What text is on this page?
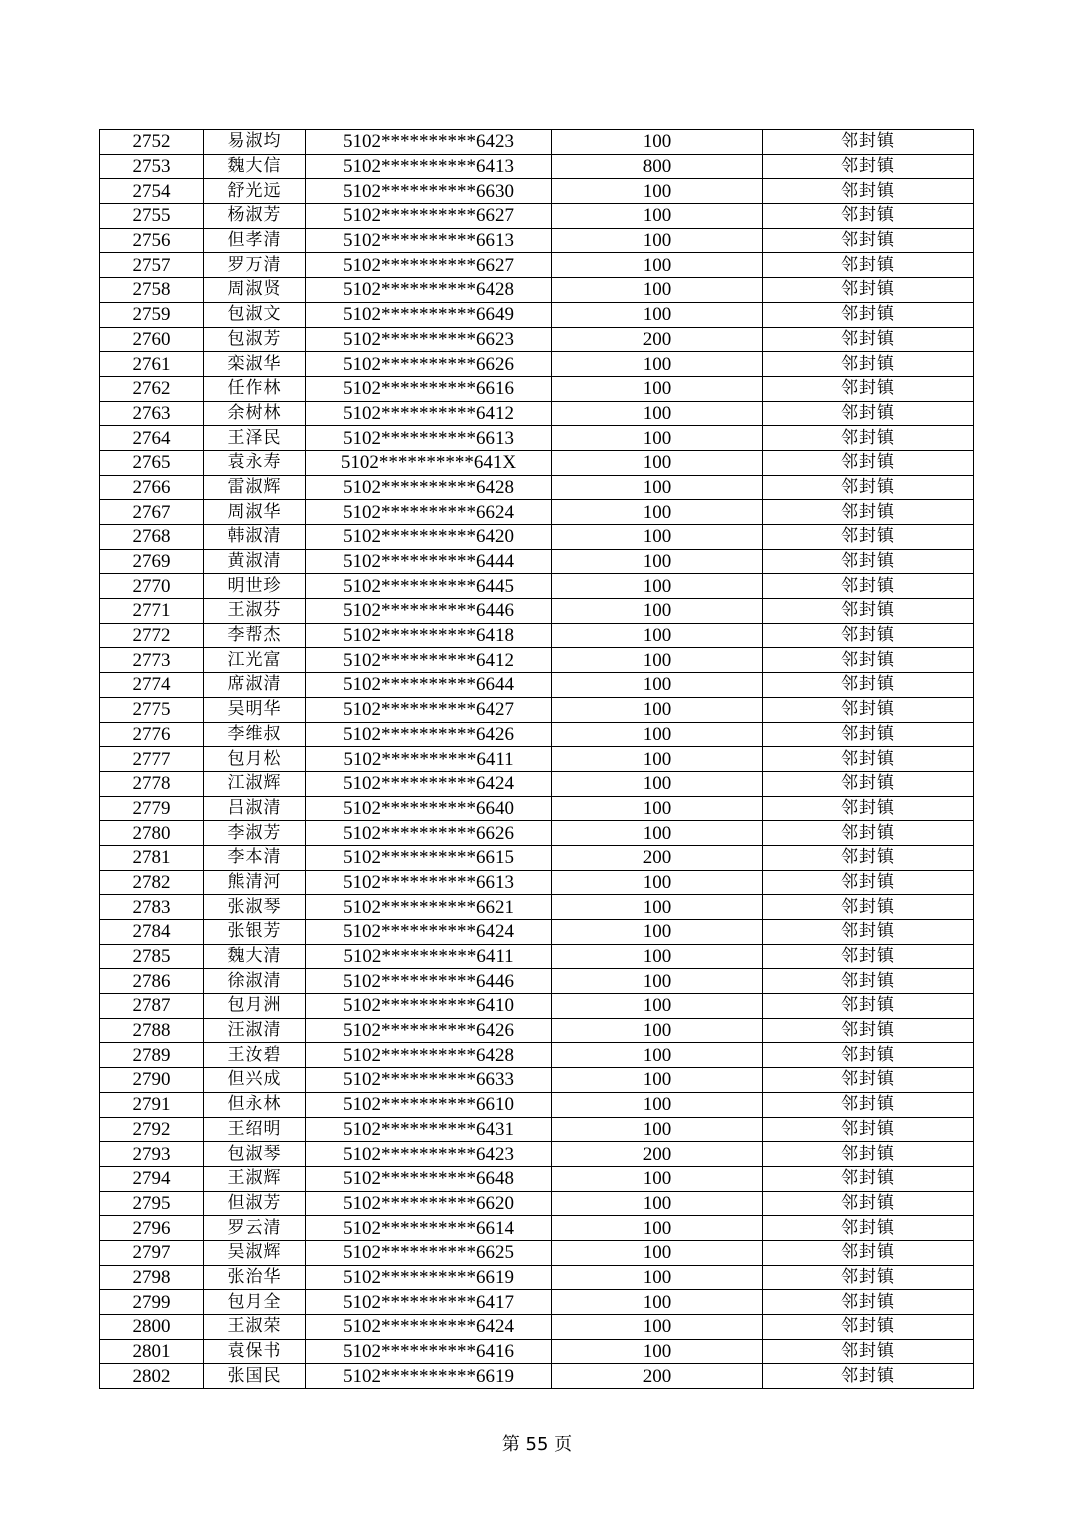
2752	易淑均	5102**********6423	100	邻封镇
2753	魏大信	5102**********6413	800	邻封镇
2754	舒光远	5102**********6630	100	邻封镇
2755	杨淑芳	5102**********6627	100	邻封镇
2756	但孝清	5102**********6613	100	邻封镇
2757	罗万清	5102**********6627	100	邻封镇
2758	周淑贤	5102**********6428	100	邻封镇
2759	包淑文	5102**********6649	100	邻封镇
2760	包淑芳	5102**********6623	200	邻封镇
2761	栾淑华	5102**********6626	100	邻封镇
2762	任作林	5102**********6616	100	邻封镇
2763	余树林	5102**********6412	100	邻封镇
2764	王泽民	5102**********6613	100	邻封镇
2765	袁永寿	5102**********641X	100	邻封镇
2766	雷淑辉	5102**********6428	100	邻封镇
2767	周淑华	5102**********6624	100	邻封镇
2768	韩淑清	5102**********6420	100	邻封镇
2769	黄淑清	5102**********6444	100	邻封镇
2770	明世珍	5102**********6445	100	邻封镇
2771	王淑芬	5102**********6446	100	邻封镇
2772	李帮杰	5102**********6418	100	邻封镇
2773	江光富	5102**********6412	100	邻封镇
2774	席淑清	5102**********6644	100	邻封镇
2775	吴明华	5102**********6427	100	邻封镇
2776	李维叔	5102**********6426	100	邻封镇
2777	包月松	5102**********6411	100	邻封镇
2778	江淑辉	5102**********6424	100	邻封镇
2779	吕淑清	5102**********6640	100	邻封镇
2780	李淑芳	5102**********6626	100	邻封镇
2781	李本清	5102**********6615	200	邻封镇
2782	熊清河	5102**********6613	100	邻封镇
2783	张淑琴	5102**********6621	100	邻封镇
2784	张银芳	5102**********6424	100	邻封镇
2785	魏大清	5102**********6411	100	邻封镇
2786	徐淑清	5102**********6446	100	邻封镇
2787	包月洲	5102**********6410	100	邻封镇
2788	汪淑清	5102**********6426	100	邻封镇
2789	王汝碧	5102**********6428	100	邻封镇
2790	但兴成	5102**********6633	100	邻封镇
2791	但永林	5102**********6610	100	邻封镇
2792	王绍明	5102**********6431	100	邻封镇
2793	包淑琴	5102**********6423	200	邻封镇
2794	王淑辉	5102**********6648	100	邻封镇
2795	但淑芳	5102**********6620	100	邻封镇
2796	罗云清	5102**********6614	100	邻封镇
2797	吴淑辉	5102**********6625	100	邻封镇
2798	张治华	5102**********6619	100	邻封镇
2799	包月全	5102**********6417	100	邻封镇
2800	王淑荣	5102**********6424	100	邻封镇
2801	袁保书	5102**********6416	100	邻封镇
2802	张国民	5102**********6619	200	邻封镇
第 55 页
